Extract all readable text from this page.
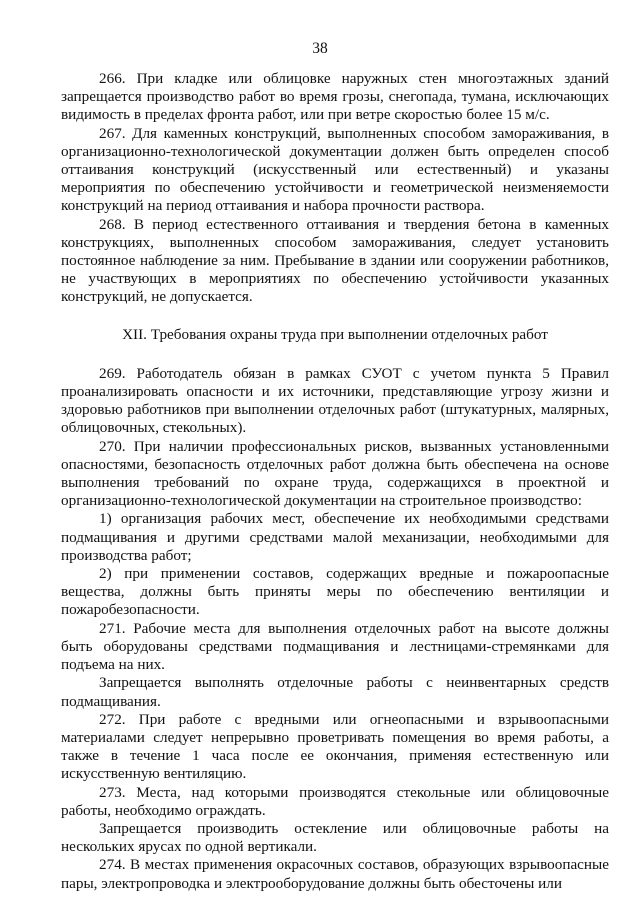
38

266. При кладке или облицовке наружных стен многоэтажных зданий запрещается производство работ во время грозы, снегопада, тумана, исключающих видимость в пределах фронта работ, или при ветре скоростью более 15 м/с.

267. Для каменных конструкций, выполненных способом замораживания, в организационно-технологической документации должен быть определен способ оттаивания конструкций (искусственный или естественный) и указаны мероприятия по обеспечению устойчивости и геометрической неизменяемости конструкций на период оттаивания и набора прочности раствора.

268. В период естественного оттаивания и твердения бетона в каменных конструкциях, выполненных способом замораживания, следует установить постоянное наблюдение за ним. Пребывание в здании или сооружении работников, не участвующих в мероприятиях по обеспечению устойчивости указанных конструкций, не допускается.

XII. Требования охраны труда при выполнении отделочных работ

269. Работодатель обязан в рамках СУОТ с учетом пункта 5 Правил проанализировать опасности и их источники, представляющие угрозу жизни и здоровью работников при выполнении отделочных работ (штукатурных, малярных, облицовочных, стекольных).

270. При наличии профессиональных рисков, вызванных установленными опасностями, безопасность отделочных работ должна быть обеспечена на основе выполнения требований по охране труда, содержащихся в проектной и организационно-технологической документации на строительное производство:

1) организация рабочих мест, обеспечение их необходимыми средствами подмащивания и другими средствами малой механизации, необходимыми для производства работ;

2) при применении составов, содержащих вредные и пожароопасные вещества, должны быть приняты меры по обеспечению вентиляции и пожаробезопасности.

271. Рабочие места для выполнения отделочных работ на высоте должны быть оборудованы средствами подмащивания и лестницами-стремянками для подъема на них.

Запрещается выполнять отделочные работы с неинвентарных средств подмащивания.

272. При работе с вредными или огнеопасными и взрывоопасными материалами следует непрерывно проветривать помещения во время работы, а также в течение 1 часа после ее окончания, применяя естественную или искусственную вентиляцию.

273. Места, над которыми производятся стекольные или облицовочные работы, необходимо ограждать.

Запрещается производить остекление или облицовочные работы на нескольких ярусах по одной вертикали.

274. В местах применения окрасочных составов, образующих взрывоопасные пары, электропроводка и электрооборудование должны быть обесточены или
